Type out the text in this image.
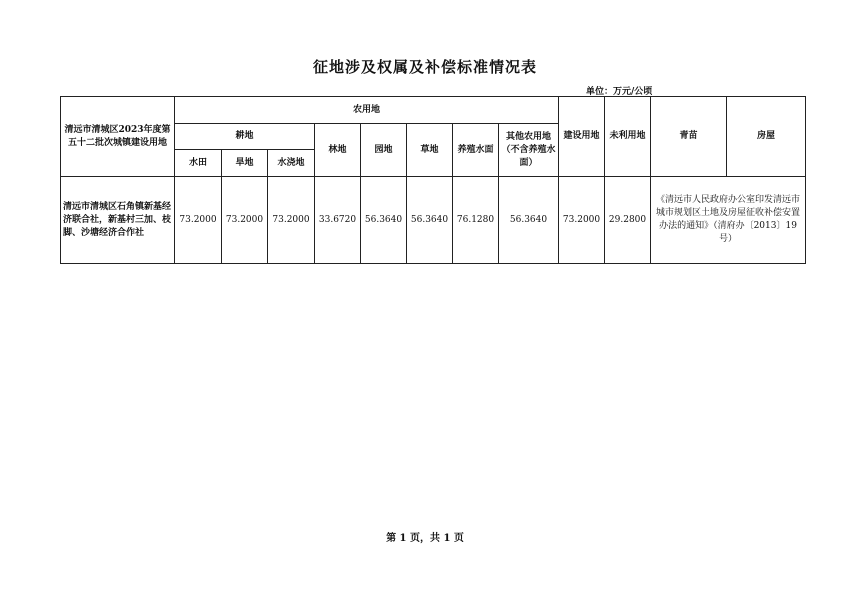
征地涉及权属及补偿标准情况表
单位：万元/公顷
清远市清城区2023年度第五十二批次城镇建设用地	农用地								建设用地	未利用地	青苗	房屋
	耕地			林地	园地	草地	养殖水面	其他农用地（不含养殖水面）				
	水田	旱地	水浇地									
清远市清城区石角镇新基经济联合社，新基村三加、枝脚、沙塘经济合作社	73.2000	73.2000	73.2000	33.6720	56.3640	56.3640	76.1280	56.3640	73.2000	29.2800	《清远市人民政府办公室印发清远市城市规划区土地及房屋征收补偿安置办法的通知》（清府办〔2013〕19号）	
第 1 页，共 1 页
